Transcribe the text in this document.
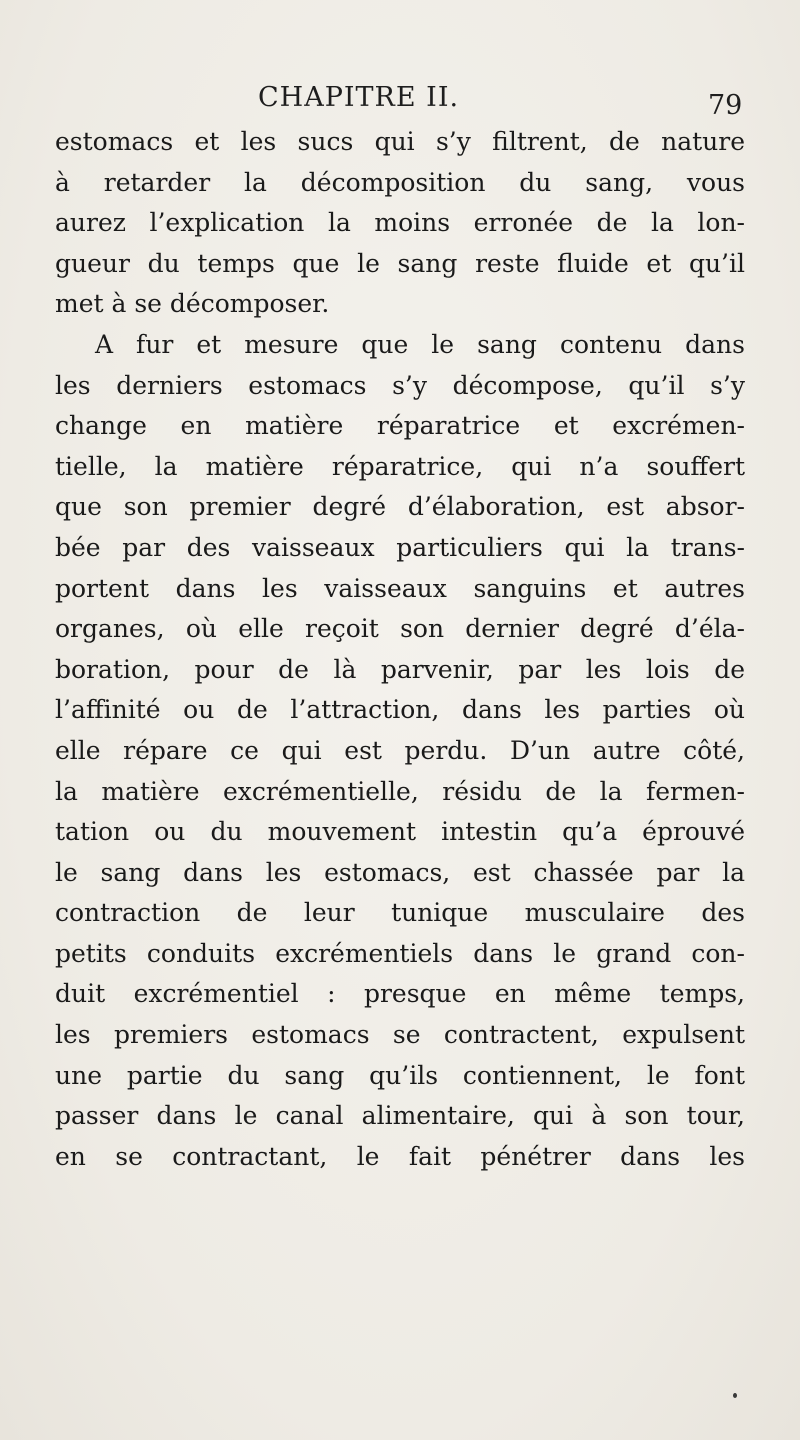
CHAPITRE II.	79
estomacs et les sucs qui s’y filtrent, de nature
à retarder la décomposition du sang, vous
aurez l’explication la moins erronée de la lon-
gueur du temps que le sang reste fluide et qu’il
met à se décomposer.
A fur et mesure que le sang contenu dans
les derniers estomacs s’y décompose, qu’il s’y
change en matière réparatrice et excrémen-
tielle, la matière réparatrice, qui n’a souffert
que son premier degré d’élaboration, est absor-
bée par des vaisseaux particuliers qui la trans-
portent dans les vaisseaux sanguins et autres
organes, où elle reçoit son dernier degré d’éla-
boration, pour de là parvenir, par les lois de
l’affinité ou de l’attraction, dans les parties où
elle répare ce qui est perdu. D’un autre côté,
la matière excrémentielle, résidu de la fermen-
tation ou du mouvement intestin qu’a éprouvé
le sang dans les estomacs, est chassée par la
contraction de leur tunique musculaire des
petits conduits excrémentiels dans le grand con-
duit excrémentiel : presque en même temps,
les premiers estomacs se contractent, expulsent
une partie du sang qu’ils contiennent, le font
passer dans le canal alimentaire, qui à son tour,
en se contractant, le fait pénétrer dans les
